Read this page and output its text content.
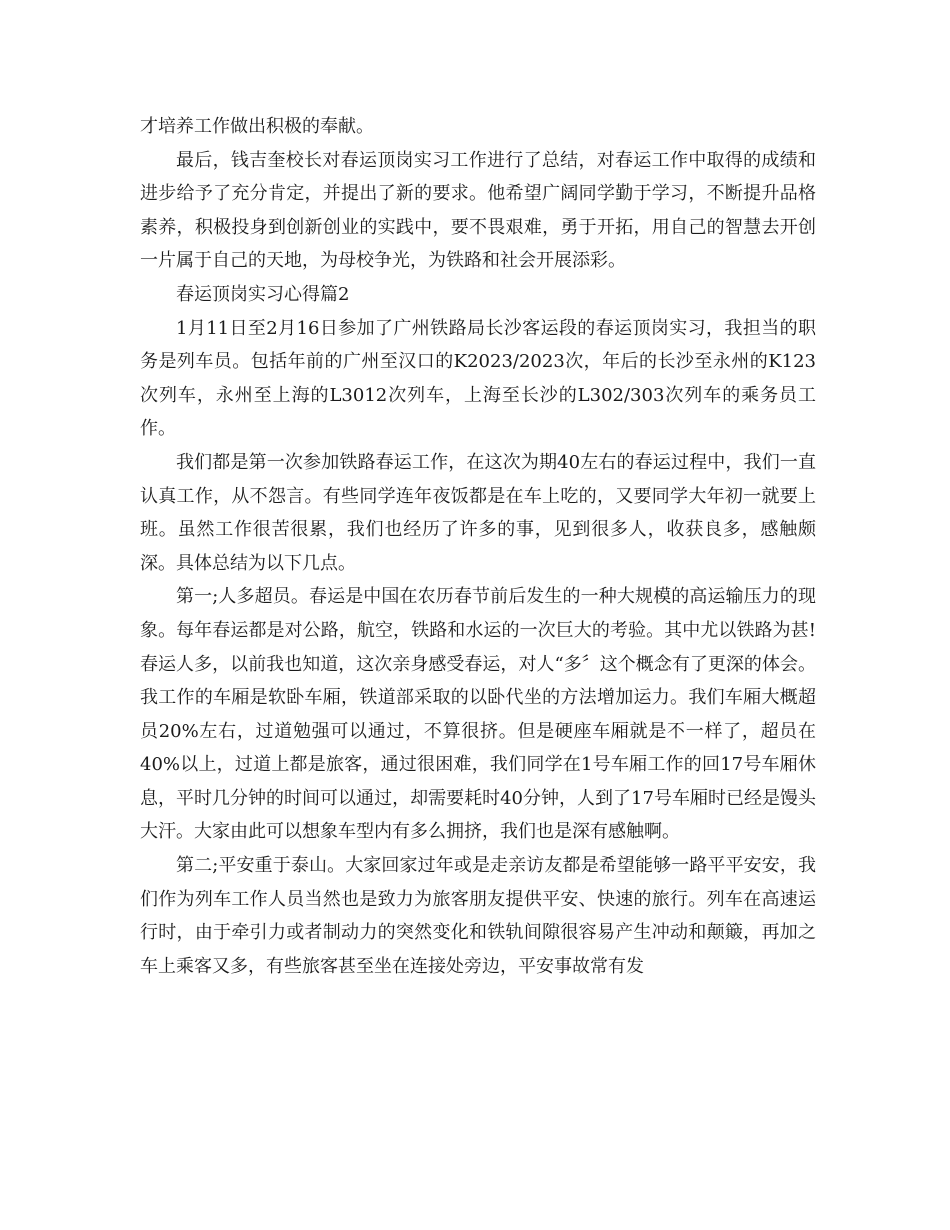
才培养工作做出积极的奉献。

最后，钱吉奎校长对春运顶岗实习工作进行了总结，对春运工作中取得的成绩和进步给予了充分肯定，并提出了新的要求。他希望广阔同学勤于学习，不断提升品格素养，积极投身到创新创业的实践中，要不畏艰难，勇于开拓，用自己的智慧去开创一片属于自己的天地，为母校争光，为铁路和社会开展添彩。

春运顶岗实习心得篇2

1月11日至2月16日参加了广州铁路局长沙客运段的春运顶岗实习，我担当的职务是列车员。包括年前的广州至汉口的K2023/2023次，年后的长沙至永州的K123次列车，永州至上海的L3012次列车，上海至长沙的L302/303次列车的乘务员工作。

我们都是第一次参加铁路春运工作，在这次为期40左右的春运过程中，我们一直认真工作，从不怨言。有些同学连年夜饭都是在车上吃的，又要同学大年初一就要上班。虽然工作很苦很累，我们也经历了许多的事，见到很多人，收获良多，感触颇深。具体总结为以下几点。

第一;人多超员。春运是中国在农历春节前后发生的一种大规模的高运输压力的现象。每年春运都是对公路，航空，铁路和水运的一次巨大的考验。其中尤以铁路为甚!春运人多，以前我也知道，这次亲身感受春运，对人“多〞这个概念有了更深的体会。我工作的车厢是软卧车厢，铁道部采取的以卧代坐的方法增加运力。我们车厢大概超员20%左右，过道勉强可以通过，不算很挤。但是硬座车厢就是不一样了，超员在40%以上，过道上都是旅客，通过很困难，我们同学在1号车厢工作的回17号车厢休息，平时几分钟的时间可以通过，却需要耗时40分钟，人到了17号车厢时已经是馒头大汗。大家由此可以想象车型内有多么拥挤，我们也是深有感触啊。

第二;平安重于泰山。大家回家过年或是走亲访友都是希望能够一路平平安安，我们作为列车工作人员当然也是致力为旅客朋友提供平安、快速的旅行。列车在高速运行时，由于牵引力或者制动力的突然变化和铁轨间隙很容易产生冲动和颠簸，再加之车上乘客又多，有些旅客甚至坐在连接处旁边，平安事故常有发
